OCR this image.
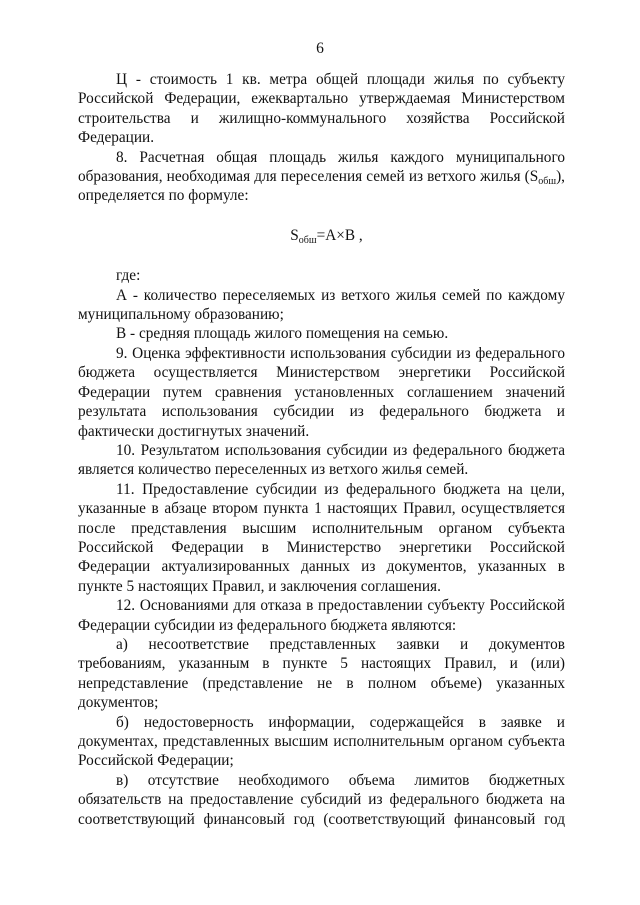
6

Ц - стоимость 1 кв. метра общей площади жилья по субъекту Российской Федерации, ежеквартально утверждаемая Министерством строительства и жилищно-коммунального хозяйства Российской Федерации.

8. Расчетная общая площадь жилья каждого муниципального образования, необходимая для переселения семей из ветхого жилья $(S_{обш})$, определяется по формуле:

$S_{обш}=А\times В$ ,

где:

А - количество переселяемых из ветхого жилья семей по каждому муниципальному образованию;

В - средняя площадь жилого помещения на семью.

9. Оценка эффективности использования субсидии из федерального бюджета осуществляется Министерством энергетики Российской Федерации путем сравнения установленных соглашением значений результата использования субсидии из федерального бюджета и фактически достигнутых значений.

10. Результатом использования субсидии из федерального бюджета является количество переселенных из ветхого жилья семей.

11. Предоставление субсидии из федерального бюджета на цели, указанные в абзаце втором пункта 1 настоящих Правил, осуществляется после представления высшим исполнительным органом субъекта Российской Федерации в Министерство энергетики Российской Федерации актуализированных данных из документов, указанных в пункте 5 настоящих Правил, и заключения соглашения.

12. Основаниями для отказа в предоставлении субъекту Российской Федерации субсидии из федерального бюджета являются:

а) несоответствие представленных заявки и документов требованиям, указанным в пункте 5 настоящих Правил, и (или) непредставление (представление не в полном объеме) указанных документов;

б) недостоверность информации, содержащейся в заявке и документах, представленных высшим исполнительным органом субъекта Российской Федерации;

в) отсутствие необходимого объема лимитов бюджетных обязательств на предоставление субсидий из федерального бюджета на соответствующий финансовый год (соответствующий финансовый год
